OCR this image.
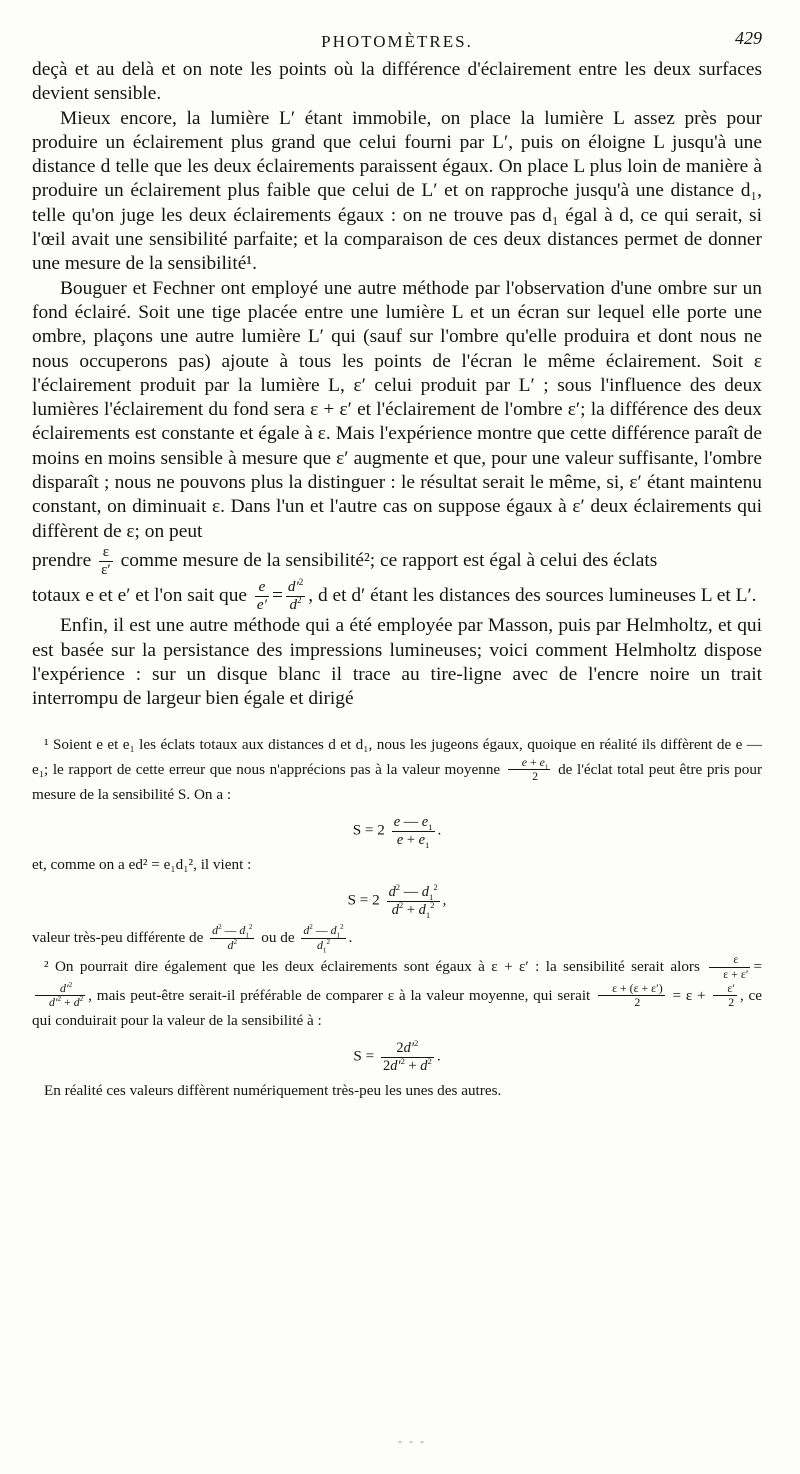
PHOTOMÈTRES.	429

deçà et au delà et on note les points où la différence d'éclairement entre les deux surfaces devient sensible.

Mieux encore, la lumière L′ étant immobile, on place la lumière L assez près pour produire un éclairement plus grand que celui fourni par L′, puis on éloigne L jusqu'à une distance d telle que les deux éclairements paraissent égaux. On place L plus loin de manière à produire un éclairement plus faible que celui de L′ et on rapproche jusqu'à une distance d₁, telle qu'on juge les deux éclairements égaux : on ne trouve pas d₁ égal à d, ce qui serait, si l'œil avait une sensibilité parfaite; et la comparaison de ces deux distances permet de donner une mesure de la sensibilité¹.

Bouguer et Fechner ont employé une autre méthode par l'observation d'une ombre sur un fond éclairé. Soit une tige placée entre une lumière L et un écran sur lequel elle porte une ombre, plaçons une autre lumière L′ qui (sauf sur l'ombre qu'elle produira et dont nous ne nous occuperons pas) ajoute à tous les points de l'écran le même éclairement. Soit ε l'éclairement produit par la lumière L, ε′ celui produit par L′ ; sous l'influence des deux lumières l'éclairement du fond sera ε + ε′ et l'éclairement de l'ombre ε′; la différence des deux éclairements est constante et égale à ε. Mais l'expérience montre que cette différence paraît de moins en moins sensible à mesure que ε′ augmente et que, pour une valeur suffisante, l'ombre disparaît ; nous ne pouvons plus la distinguer : le résultat serait le même, si, ε′ étant maintenu constant, on diminuait ε. Dans l'un et l'autre cas on suppose égaux à ε′ deux éclairements qui diffèrent de ε; on peut

prendre $\frac{\varepsilon}{\varepsilon'}$ comme mesure de la sensibilité²; ce rapport est égal à celui des éclats

totaux e et e′ et l'on sait que $\frac{e}{e'} = \frac{d'^2}{d^2}$ , d et d′ étant les distances des sources lumineuses L et L′.

Enfin, il est une autre méthode qui a été employée par Masson, puis par Helmholtz, et qui est basée sur la persistance des impressions lumineuses; voici comment Helmholtz dispose l'expérience : sur un disque blanc il trace au tire-ligne avec de l'encre noire un trait interrompu de largeur bien égale et dirigé

¹ Soient e et e₁ les éclats totaux aux distances d et d₁, nous les jugeons égaux, quoique en réalité ils diffèrent de e — e₁; le rapport de cette erreur que nous n'apprécions pas à la valeur moyenne $\frac{e + e_1}{2}$ de l'éclat total peut être pris pour mesure de la sensibilité S. On a :

$S = 2 \frac{e — e_1}{e + e_1}$ .

et, comme on a ed² = e₁d₁², il vient :

$S = 2 \frac{d^2 — d_1^2}{d^2 + d_1^2}$ ,

valeur très-peu différente de $\frac{d^2 — d_1^2}{d^2}$ ou de $\frac{d^2 — d_1^2}{d_1^2}$ .

² On pourrait dire également que les deux éclairements sont égaux à ε + ε′ : la sensibilité serait alors $\frac{\varepsilon}{\varepsilon + \varepsilon'}$ =
$\frac{d'^2}{d'^2 + d^2}$ , mais peut-être serait-il préférable de comparer ε à la valeur moyenne, qui serait $\frac{\varepsilon + (\varepsilon + \varepsilon')}{2} = \varepsilon + \frac{\varepsilon'}{2}$ , ce qui conduirait pour la valeur de la sensibilité à :

$S = \frac{2d'^2}{2d'^2 + d^2}$ .

En réalité ces valeurs diffèrent numériquement très-peu les unes des autres.

- - -
